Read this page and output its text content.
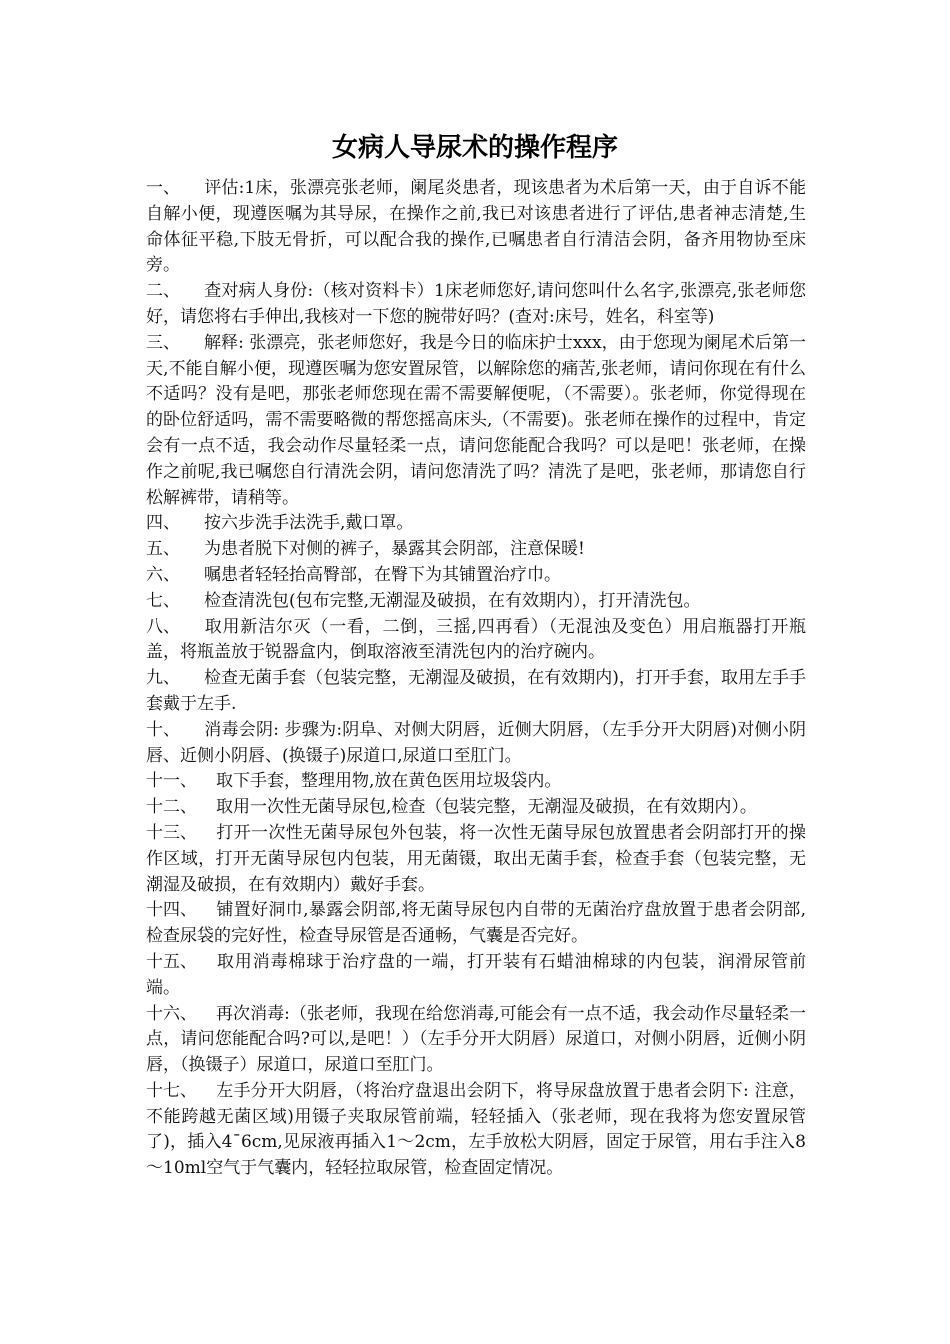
女病人导尿术的操作程序

一、 评估:1床，张漂亮张老师，阑尾炎患者，现该患者为术后第一天，由于自诉不能自解小便，现遵医嘱为其导尿，在操作之前,我已对该患者进行了评估,患者神志清楚,生命体征平稳,下肢无骨折，可以配合我的操作,已嘱患者自行清洁会阴，备齐用物协至床旁。

二、 查对病人身份:（核对资料卡）1床老师您好,请问您叫什么名字,张漂亮,张老师您好，请您将右手伸出,我核对一下您的腕带好吗？(查对:床号，姓名，科室等)

三、 解释: 张漂亮，张老师您好，我是今日的临床护士xxx，由于您现为阑尾术后第一天,不能自解小便，现遵医嘱为您安置尿管，以解除您的痛苦,张老师，请问你现在有什么不适吗？没有是吧，那张老师您现在需不需要解便呢，（不需要）。张老师，你觉得现在的卧位舒适吗，需不需要略微的帮您摇高床头,（不需要)。张老师在操作的过程中，肯定会有一点不适，我会动作尽量轻柔一点，请问您能配合我吗？可以是吧！张老师，在操作之前呢,我已嘱您自行清洗会阴，请问您清洗了吗？清洗了是吧，张老师，那请您自行松解裤带，请稍等。

四、 按六步洗手法洗手,戴口罩。

五、 为患者脱下对侧的裤子，暴露其会阴部，注意保暖!

六、 嘱患者轻轻抬高臀部，在臀下为其铺置治疗巾。

七、 检查清洗包(包布完整,无潮湿及破损，在有效期内），打开清洗包。

八、 取用新洁尔灭（一看，二倒，三摇,四再看）（无混浊及变色）用启瓶器打开瓶盖，将瓶盖放于锐器盒内，倒取溶液至清洗包内的治疗碗内。

九、 检查无菌手套（包装完整，无潮湿及破损，在有效期内)，打开手套，取用左手手套戴于左手.

十、 消毒会阴: 步骤为:阴阜、对侧大阴唇，近侧大阴唇，（左手分开大阴唇)对侧小阴唇、近侧小阴唇、(换镊子)尿道口,尿道口至肛门。

十一、 取下手套，整理用物,放在黄色医用垃圾袋内。

十二、 取用一次性无菌导尿包,检查（包装完整，无潮湿及破损，在有效期内）。

十三、 打开一次性无菌导尿包外包装，将一次性无菌导尿包放置患者会阴部打开的操作区域，打开无菌导尿包内包装，用无菌镊，取出无菌手套，检查手套（包装完整，无潮湿及破损，在有效期内）戴好手套。

十四、 铺置好洞巾,暴露会阴部,将无菌导尿包内自带的无菌治疗盘放置于患者会阴部,检查尿袋的完好性，检查导尿管是否通畅，气囊是否完好。

十五、 取用消毒棉球于治疗盘的一端，打开装有石蜡油棉球的内包装，润滑尿管前端。

十六、 再次消毒:（张老师，我现在给您消毒,可能会有一点不适，我会动作尽量轻柔一点，请问您能配合吗?可以,是吧！）（左手分开大阴唇）尿道口，对侧小阴唇，近侧小阴唇，（换镊子）尿道口，尿道口至肛门。

十七、 左手分开大阴唇，（将治疗盘退出会阴下，将导尿盘放置于患者会阴下: 注意，不能跨越无菌区域)用镊子夹取尿管前端，轻轻插入（张老师，现在我将为您安置尿管了)，插入4¯6cm,见尿液再插入1～2cm，左手放松大阴唇，固定于尿管，用右手注入8～10ml空气于气囊内，轻轻拉取尿管，检查固定情况。
